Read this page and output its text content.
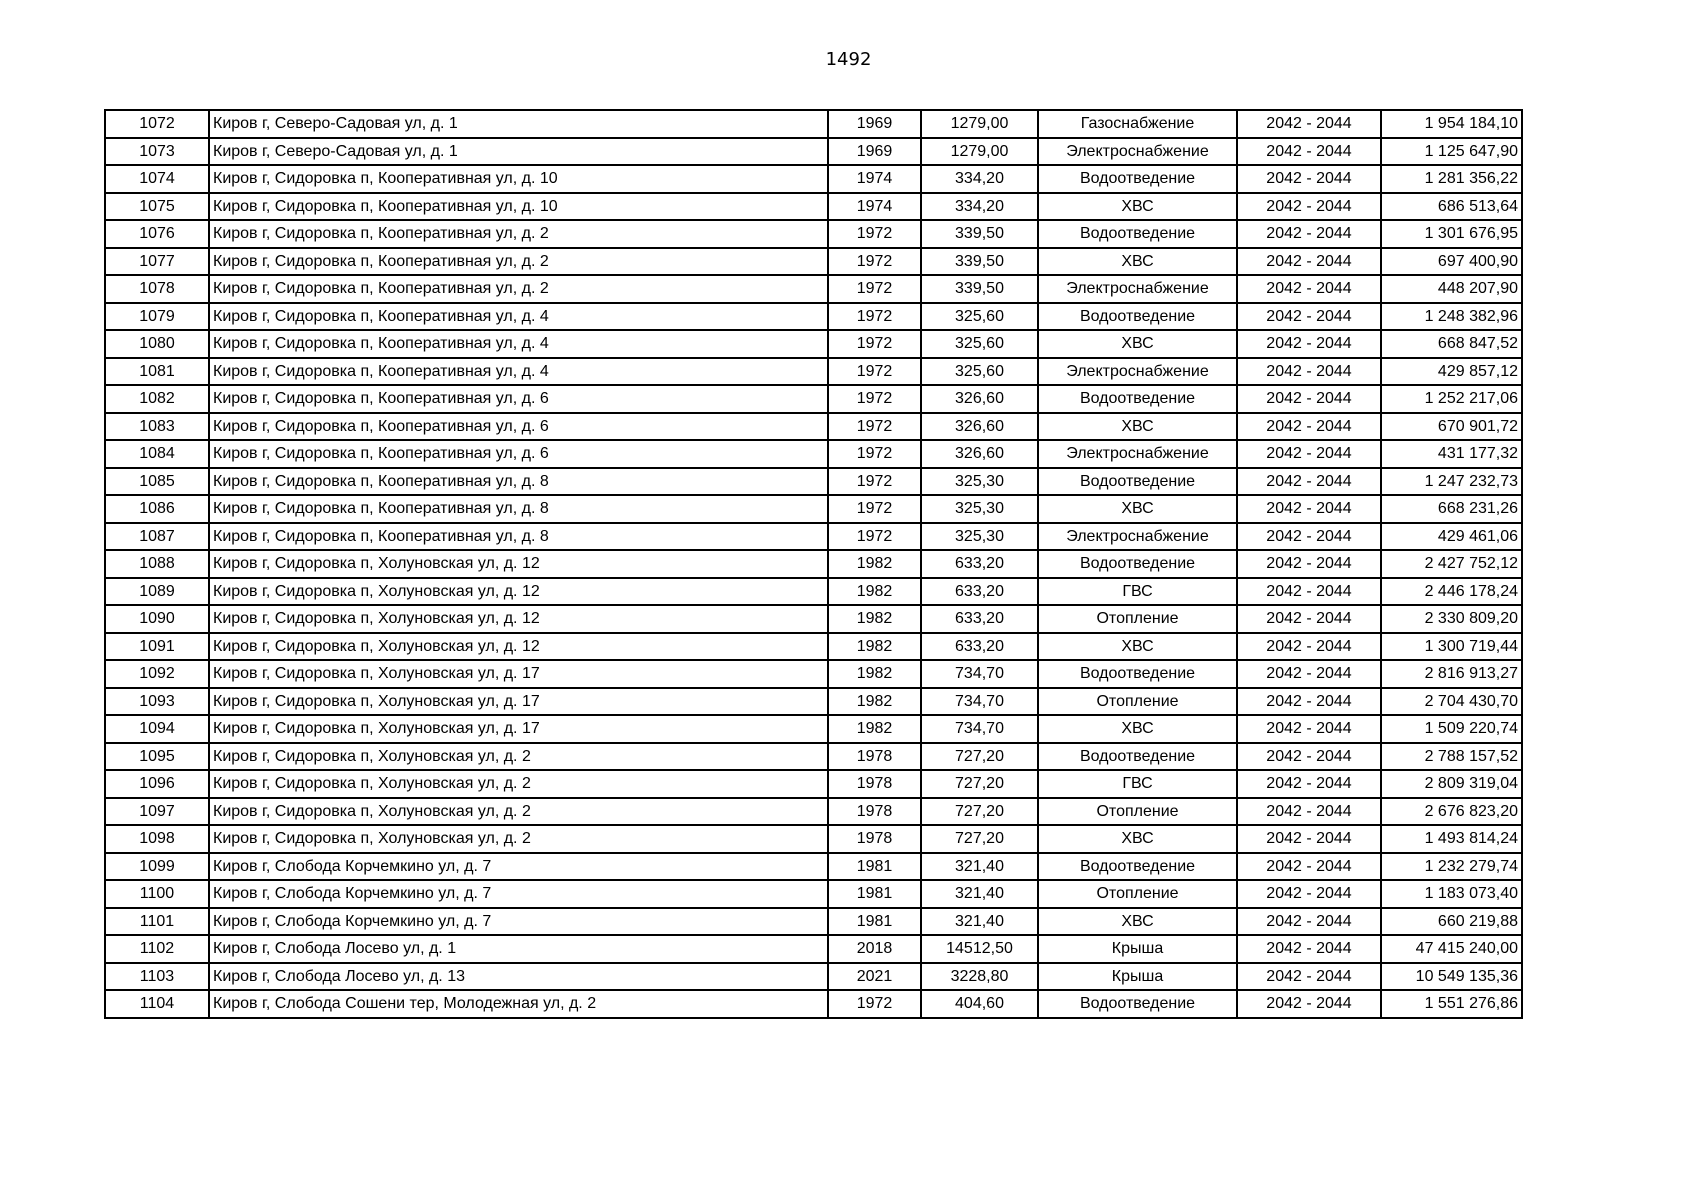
1492
1072	Киров г, Северо-Садовая ул, д. 1	1969	1279,00	Газоснабжение	2042 - 2044	1 954 184,10
1073	Киров г, Северо-Садовая ул, д. 1	1969	1279,00	Электроснабжение	2042 - 2044	1 125 647,90
1074	Киров г, Сидоровка п, Кооперативная ул, д. 10	1974	334,20	Водоотведение	2042 - 2044	1 281 356,22
1075	Киров г, Сидоровка п, Кооперативная ул, д. 10	1974	334,20	ХВС	2042 - 2044	686 513,64
1076	Киров г, Сидоровка п, Кооперативная ул, д. 2	1972	339,50	Водоотведение	2042 - 2044	1 301 676,95
1077	Киров г, Сидоровка п, Кооперативная ул, д. 2	1972	339,50	ХВС	2042 - 2044	697 400,90
1078	Киров г, Сидоровка п, Кооперативная ул, д. 2	1972	339,50	Электроснабжение	2042 - 2044	448 207,90
1079	Киров г, Сидоровка п, Кооперативная ул, д. 4	1972	325,60	Водоотведение	2042 - 2044	1 248 382,96
1080	Киров г, Сидоровка п, Кооперативная ул, д. 4	1972	325,60	ХВС	2042 - 2044	668 847,52
1081	Киров г, Сидоровка п, Кооперативная ул, д. 4	1972	325,60	Электроснабжение	2042 - 2044	429 857,12
1082	Киров г, Сидоровка п, Кооперативная ул, д. 6	1972	326,60	Водоотведение	2042 - 2044	1 252 217,06
1083	Киров г, Сидоровка п, Кооперативная ул, д. 6	1972	326,60	ХВС	2042 - 2044	670 901,72
1084	Киров г, Сидоровка п, Кооперативная ул, д. 6	1972	326,60	Электроснабжение	2042 - 2044	431 177,32
1085	Киров г, Сидоровка п, Кооперативная ул, д. 8	1972	325,30	Водоотведение	2042 - 2044	1 247 232,73
1086	Киров г, Сидоровка п, Кооперативная ул, д. 8	1972	325,30	ХВС	2042 - 2044	668 231,26
1087	Киров г, Сидоровка п, Кооперативная ул, д. 8	1972	325,30	Электроснабжение	2042 - 2044	429 461,06
1088	Киров г, Сидоровка п, Холуновская ул, д. 12	1982	633,20	Водоотведение	2042 - 2044	2 427 752,12
1089	Киров г, Сидоровка п, Холуновская ул, д. 12	1982	633,20	ГВС	2042 - 2044	2 446 178,24
1090	Киров г, Сидоровка п, Холуновская ул, д. 12	1982	633,20	Отопление	2042 - 2044	2 330 809,20
1091	Киров г, Сидоровка п, Холуновская ул, д. 12	1982	633,20	ХВС	2042 - 2044	1 300 719,44
1092	Киров г, Сидоровка п, Холуновская ул, д. 17	1982	734,70	Водоотведение	2042 - 2044	2 816 913,27
1093	Киров г, Сидоровка п, Холуновская ул, д. 17	1982	734,70	Отопление	2042 - 2044	2 704 430,70
1094	Киров г, Сидоровка п, Холуновская ул, д. 17	1982	734,70	ХВС	2042 - 2044	1 509 220,74
1095	Киров г, Сидоровка п, Холуновская ул, д. 2	1978	727,20	Водоотведение	2042 - 2044	2 788 157,52
1096	Киров г, Сидоровка п, Холуновская ул, д. 2	1978	727,20	ГВС	2042 - 2044	2 809 319,04
1097	Киров г, Сидоровка п, Холуновская ул, д. 2	1978	727,20	Отопление	2042 - 2044	2 676 823,20
1098	Киров г, Сидоровка п, Холуновская ул, д. 2	1978	727,20	ХВС	2042 - 2044	1 493 814,24
1099	Киров г, Слобода Корчемкино ул, д. 7	1981	321,40	Водоотведение	2042 - 2044	1 232 279,74
1100	Киров г, Слобода Корчемкино ул, д. 7	1981	321,40	Отопление	2042 - 2044	1 183 073,40
1101	Киров г, Слобода Корчемкино ул, д. 7	1981	321,40	ХВС	2042 - 2044	660 219,88
1102	Киров г, Слобода Лосево ул, д. 1	2018	14512,50	Крыша	2042 - 2044	47 415 240,00
1103	Киров г, Слобода Лосево ул, д. 13	2021	3228,80	Крыша	2042 - 2044	10 549 135,36
1104	Киров г, Слобода Сошени тер, Молодежная ул, д. 2	1972	404,60	Водоотведение	2042 - 2044	1 551 276,86
